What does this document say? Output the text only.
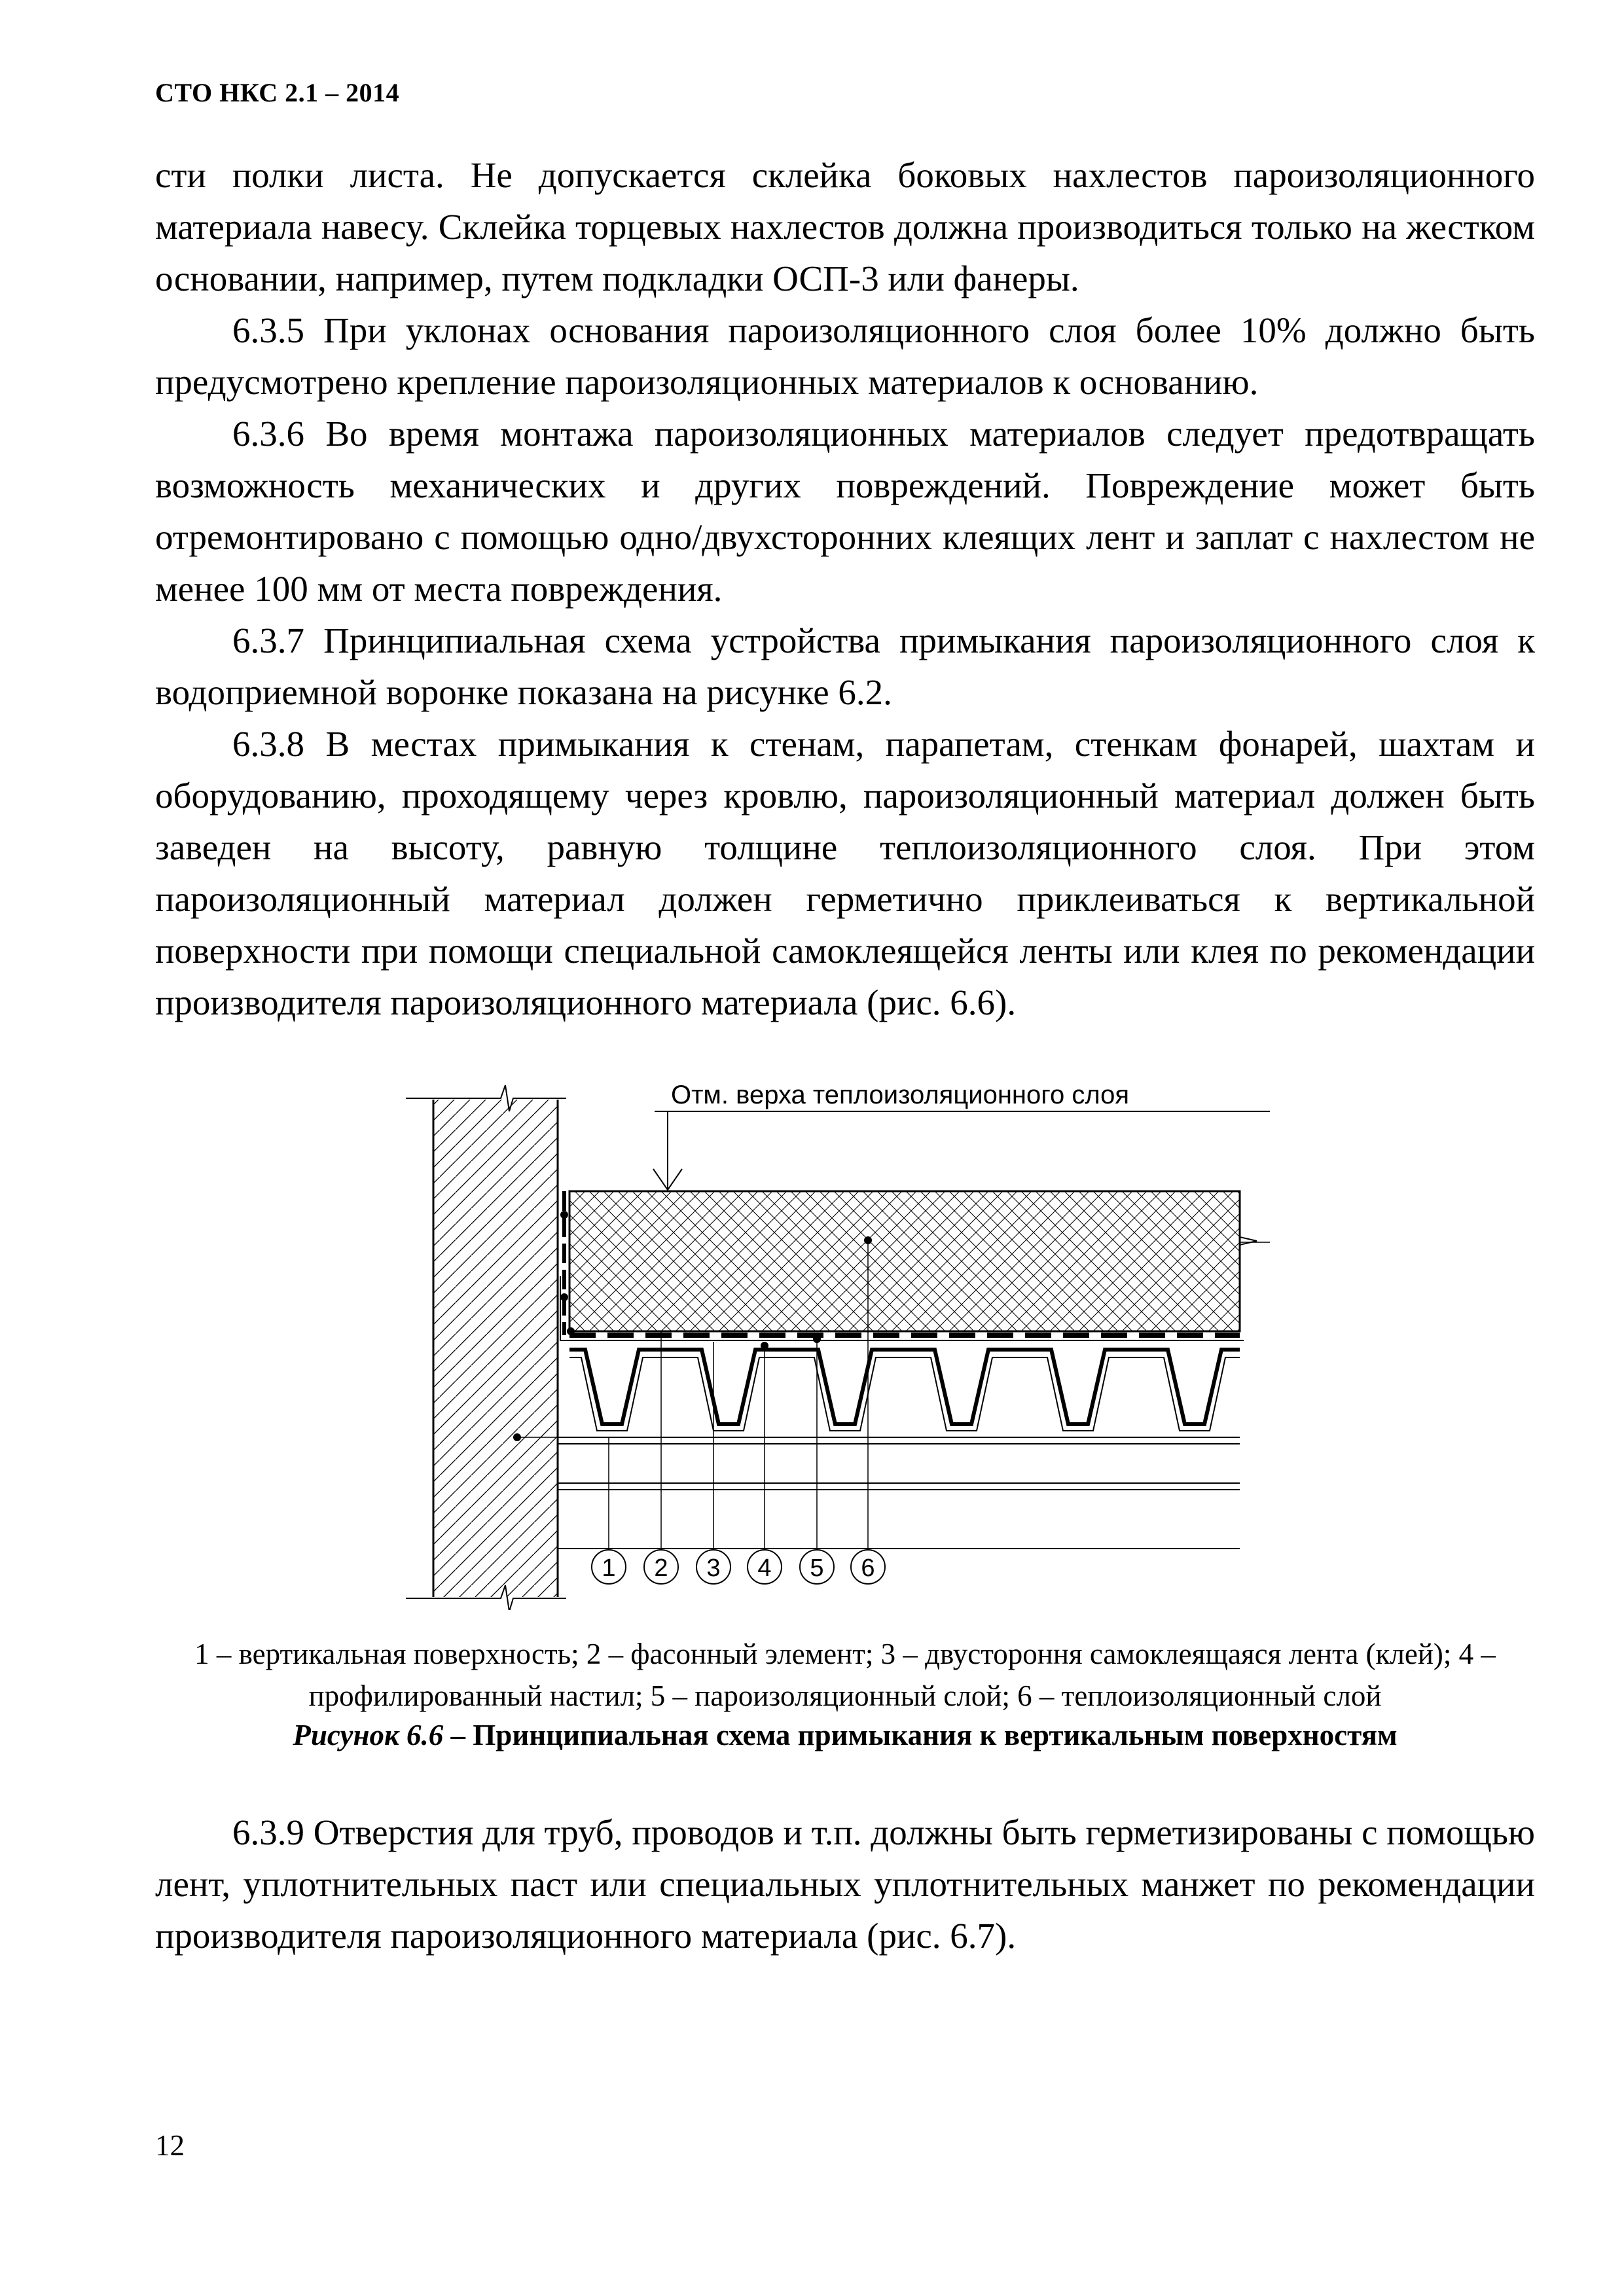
СТО НКС 2.1 – 2014

сти полки листа. Не допускается склейка боковых нахлестов пароизоляционного материала навесу. Склейка торцевых нахлестов должна производиться только на жестком основании, например, путем подкладки ОСП-3 или фанеры.

6.3.5 При уклонах основания пароизоляционного слоя более 10% должно быть предусмотрено крепление пароизоляционных материалов к основанию.

6.3.6 Во время монтажа пароизоляционных материалов следует предотвращать возможность механических и других повреждений. Повреждение может быть отремонтировано с помощью одно/двухсторонних клеящих лент и заплат с нахлестом не менее 100 мм от места повреждения.

6.3.7 Принципиальная схема устройства примыкания пароизоляционного слоя к водоприемной воронке показана на рисунке 6.2.

6.3.8 В местах примыкания к стенам, парапетам, стенкам фонарей, шахтам и оборудованию, проходящему через кровлю, пароизоляционный материал должен быть заведен на высоту, равную толщине теплоизоляционного слоя. При этом пароизоляционный материал должен герметично приклеиваться к вертикальной поверхности при помощи специальной самоклеящейся ленты или клея по рекомендации производителя пароизоляционного материала (рис. 6.6).

Отм. верха теплоизоляционного слоя
1 2 3 4 5 6
1 – вертикальная поверхность; 2 – фасонный элемент; 3 – двустороння самоклеящаяся лента (клей); 4 – профилированный настил; 5 – пароизоляционный слой; 6 – теплоизоляционный слой
Рисунок 6.6 – Принципиальная схема примыкания к вертикальным поверхностям

6.3.9 Отверстия для труб, проводов и т.п. должны быть герметизированы с помощью лент, уплотнительных паст или специальных уплотнительных манжет по рекомендации производителя пароизоляционного материала (рис. 6.7).

12
